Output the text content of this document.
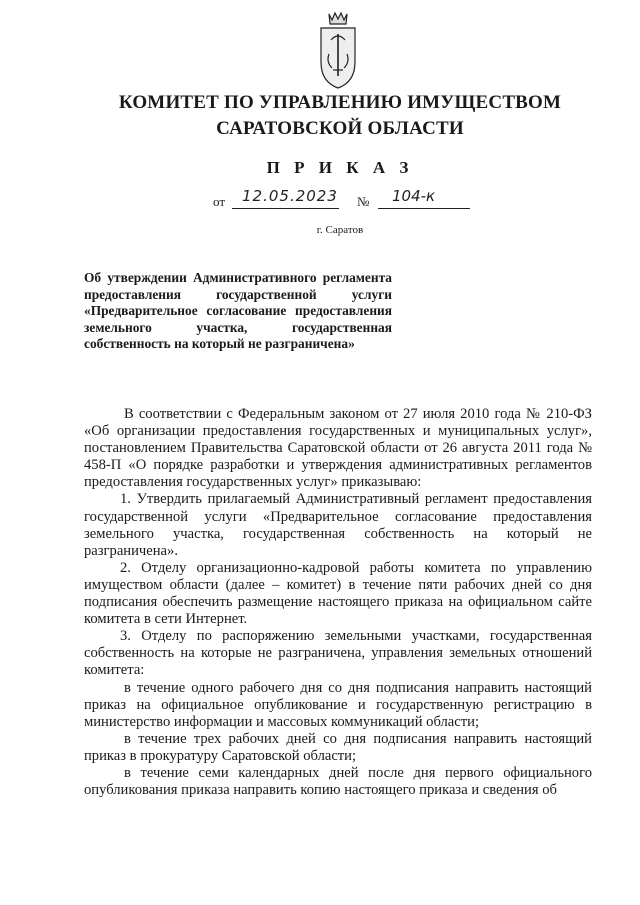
КОМИТЕТ ПО УПРАВЛЕНИЮ ИМУЩЕСТВОМ
САРАТОВСКОЙ ОБЛАСТИ
П Р И К А З
от 12.05.2023 № 104-к
г. Саратов
Об утверждении Административного регламента предоставления государственной услуги «Предварительное согласование предоставления земельного участка, государственная собственность на который не разграничена»

В соответствии с Федеральным законом от 27 июля 2010 года № 210-ФЗ «Об организации предоставления государственных и муниципальных услуг», постановлением Правительства Саратовской области от 26 августа 2011 года № 458-П «О порядке разработки и утверждения административных регламентов предоставления государственных услуг» приказываю:

1. Утвердить прилагаемый Административный регламент предоставления государственной услуги «Предварительное согласование предоставления земельного участка, государственная собственность на который не разграничена».

2. Отделу организационно-кадровой работы комитета по управлению имуществом области (далее – комитет) в течение пяти рабочих дней со дня подписания обеспечить размещение настоящего приказа на официальном сайте комитета в сети Интернет.

3. Отделу по распоряжению земельными участками, государственная собственность на которые не разграничена, управления земельных отношений комитета:

в течение одного рабочего дня со дня подписания направить настоящий приказ на официальное опубликование и государственную регистрацию в министерство информации и массовых коммуникаций области;

в течение трех рабочих дней со дня подписания направить настоящий приказ в прокуратуру Саратовской области;

в течение семи календарных дней после дня первого официального опубликования приказа направить копию настоящего приказа и сведения об
